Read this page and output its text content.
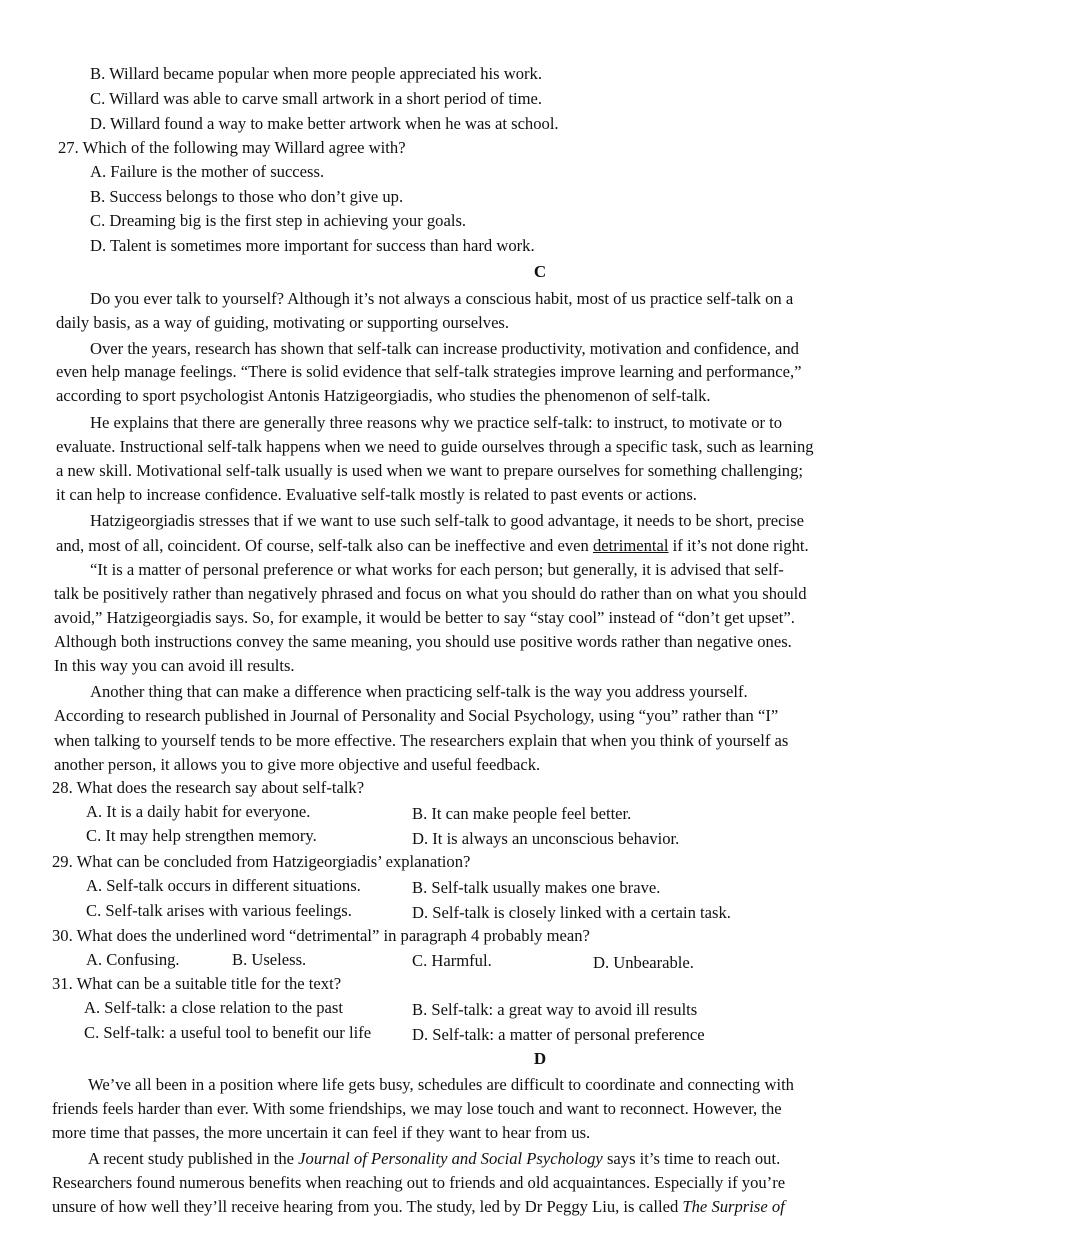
B. Willard became popular when more people appreciated his work.
C. Willard was able to carve small artwork in a short period of time.
D. Willard found a way to make better artwork when he was at school.
27. Which of the following may Willard agree with?
A. Failure is the mother of success.
B. Success belongs to those who don’t give up.
C. Dreaming big is the first step in achieving your goals.
D. Talent is sometimes more important for success than hard work.
C
Do you ever talk to yourself? Although it’s not always a conscious habit, most of us practice self-talk on a
daily basis, as a way of guiding, motivating or supporting ourselves.
Over the years, research has shown that self-talk can increase productivity, motivation and confidence, and
even help manage feelings. “There is solid evidence that self-talk strategies improve learning and performance,”
according to sport psychologist Antonis Hatzigeorgiadis, who studies the phenomenon of self-talk.
He explains that there are generally three reasons why we practice self-talk: to instruct, to motivate or to
evaluate. Instructional self-talk happens when we need to guide ourselves through a specific task, such as learning
a new skill. Motivational self-talk usually is used when we want to prepare ourselves for something challenging;
it can help to increase confidence. Evaluative self-talk mostly is related to past events or actions.
Hatzigeorgiadis stresses that if we want to use such self-talk to good advantage, it needs to be short, precise
and, most of all, coincident. Of course, self-talk also can be ineffective and even detrimental if it’s not done right.
“It is a matter of personal preference or what works for each person; but generally, it is advised that self-
talk be positively rather than negatively phrased and focus on what you should do rather than on what you should
avoid,” Hatzigeorgiadis says. So, for example, it would be better to say “stay cool” instead of “don’t get upset”.
Although both instructions convey the same meaning, you should use positive words rather than negative ones.
In this way you can avoid ill results.
Another thing that can make a difference when practicing self-talk is the way you address yourself.
According to research published in Journal of Personality and Social Psychology, using “you” rather than “I”
when talking to yourself tends to be more effective. The researchers explain that when you think of yourself as
another person, it allows you to give more objective and useful feedback.
28. What does the research say about self-talk?
A. It is a daily habit for everyone.	B. It can make people feel better.
C. It may help strengthen memory.	D. It is always an unconscious behavior.
29. What can be concluded from Hatzigeorgiadis’ explanation?
A. Self-talk occurs in different situations.	B. Self-talk usually makes one brave.
C. Self-talk arises with various feelings.	D. Self-talk is closely linked with a certain task.
30. What does the underlined word “detrimental” in paragraph 4 probably mean?
A. Confusing.	B. Useless.	C. Harmful.	D. Unbearable.
31. What can be a suitable title for the text?
A. Self-talk: a close relation to the past	B. Self-talk: a great way to avoid ill results
C. Self-talk: a useful tool to benefit our life D. Self-talk: a matter of personal preference
D
We’ve all been in a position where life gets busy, schedules are difficult to coordinate and connecting with
friends feels harder than ever. With some friendships, we may lose touch and want to reconnect. However, the
more time that passes, the more uncertain it can feel if they want to hear from us.
A recent study published in the Journal of Personality and Social Psychology says it’s time to reach out.
Researchers found numerous benefits when reaching out to friends and old acquaintances. Especially if you’re
unsure of how well they’ll receive hearing from you. The study, led by Dr Peggy Liu, is called The Surprise of
